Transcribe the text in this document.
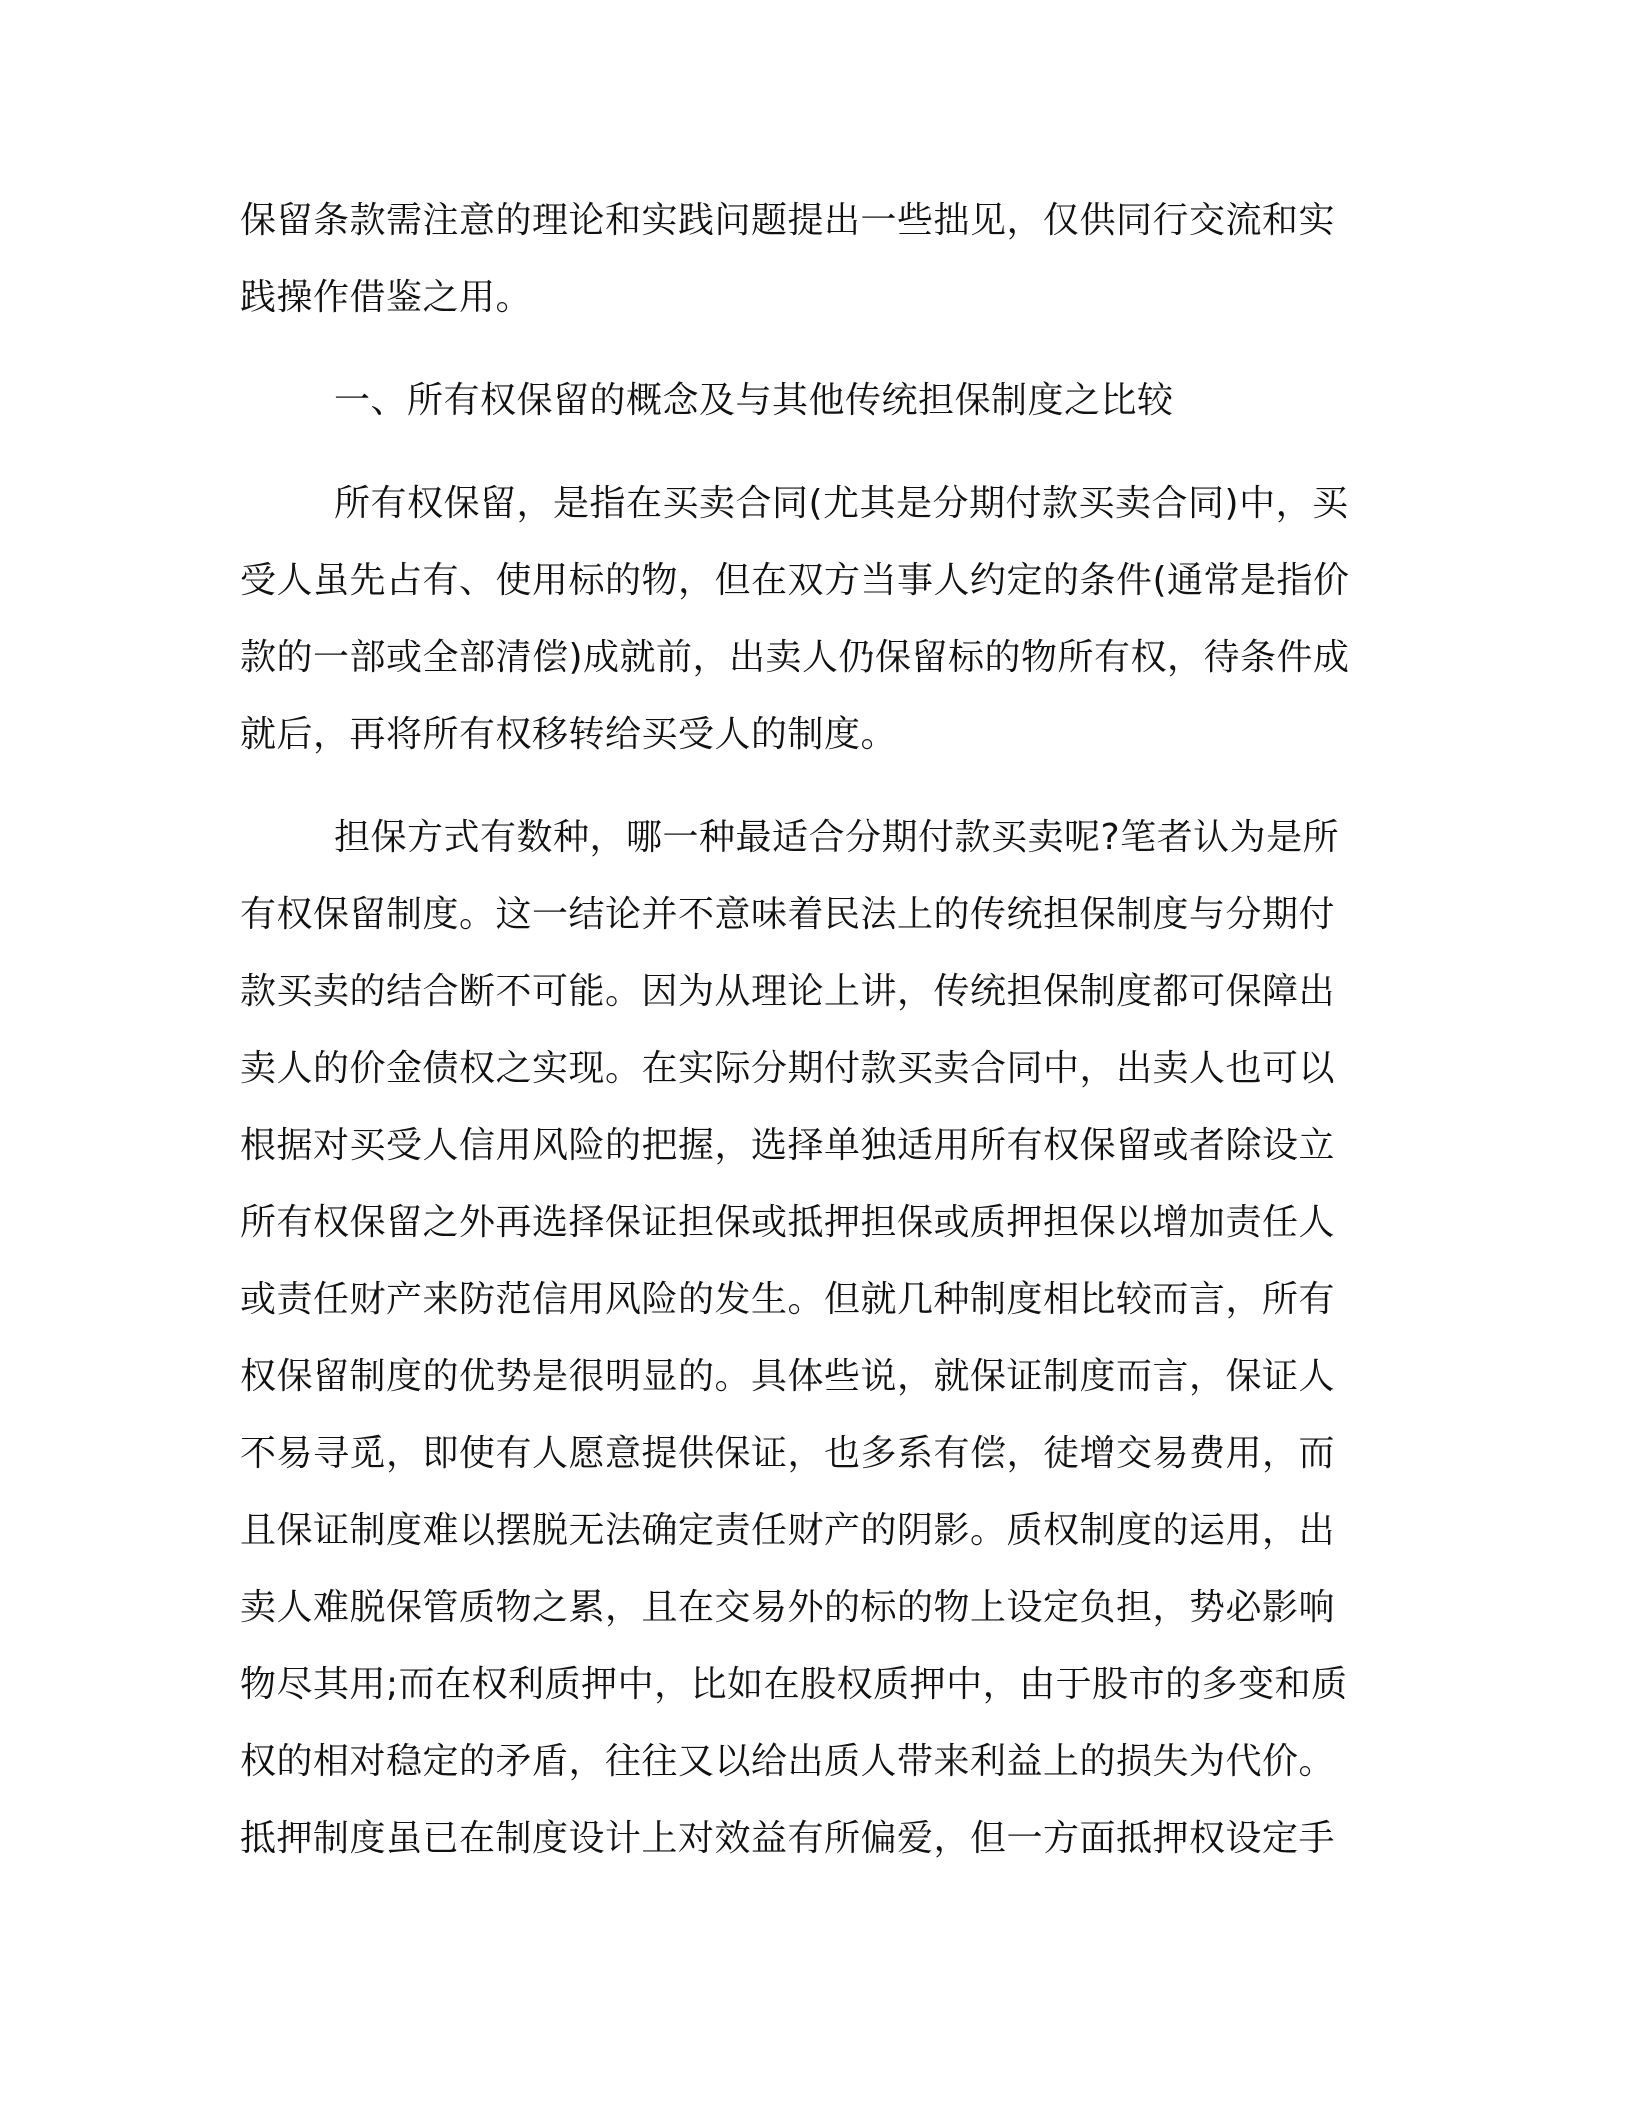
保留条款需注意的理论和实践问题提出一些拙见，仅供同行交流和实
践操作借鉴之用。
一、所有权保留的概念及与其他传统担保制度之比较
所有权保留，是指在买卖合同(尤其是分期付款买卖合同)中，买
受人虽先占有、使用标的物，但在双方当事人约定的条件(通常是指价
款的一部或全部清偿)成就前，出卖人仍保留标的物所有权，待条件成
就后，再将所有权移转给买受人的制度。
担保方式有数种，哪一种最适合分期付款买卖呢?笔者认为是所
有权保留制度。这一结论并不意味着民法上的传统担保制度与分期付
款买卖的结合断不可能。因为从理论上讲，传统担保制度都可保障出
卖人的价金债权之实现。在实际分期付款买卖合同中，出卖人也可以
根据对买受人信用风险的把握，选择单独适用所有权保留或者除设立
所有权保留之外再选择保证担保或抵押担保或质押担保以增加责任人
或责任财产来防范信用风险的发生。但就几种制度相比较而言，所有
权保留制度的优势是很明显的。具体些说，就保证制度而言，保证人
不易寻觅，即使有人愿意提供保证，也多系有偿，徒增交易费用，而
且保证制度难以摆脱无法确定责任财产的阴影。质权制度的运用，出
卖人难脱保管质物之累，且在交易外的标的物上设定负担，势必影响
物尽其用;而在权利质押中，比如在股权质押中，由于股市的多变和质
权的相对稳定的矛盾，往往又以给出质人带来利益上的损失为代价。
抵押制度虽已在制度设计上对效益有所偏爱，但一方面抵押权设定手
